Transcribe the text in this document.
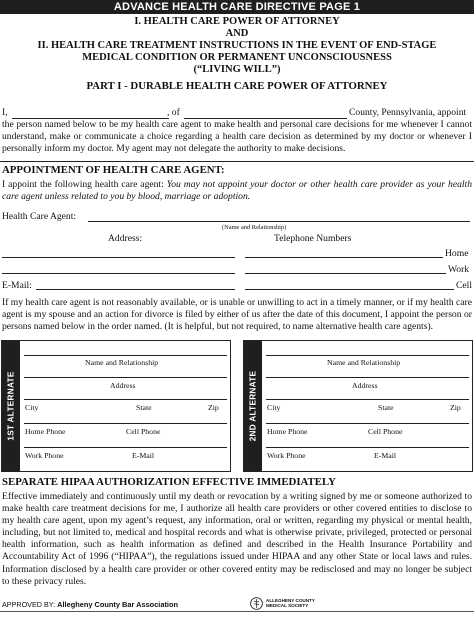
ADVANCE HEALTH CARE DIRECTIVE PAGE 1
I. HEALTH CARE POWER OF ATTORNEY
AND
II. HEALTH CARE TREATMENT INSTRUCTIONS IN THE EVENT OF END-STAGE
MEDICAL CONDITION OR PERMANENT UNCONSCIOUSNESS
(“LIVING WILL”)
PART I - DURABLE HEALTH CARE POWER OF ATTORNEY
I,	, of	County, Pennsylvania, appoint
the person named below to be my health care agent to make health and personal care decisions for me whenever I cannot understand, make or communicate a choice regarding a health care decision as determined by my doctor or whenever I personally inform my doctor. My agent may not delegate the authority to make decisions.
APPOINTMENT OF HEALTH CARE AGENT:
I appoint the following health care agent: You may not appoint your doctor or other health care provider as your health care agent unless related to you by blood, marriage or adoption.
Health Care Agent:
(Name and Relationship)
Address:	Telephone Numbers
Home
Work
E-Mail:	Cell
If my health care agent is not reasonably available, or is unable or unwilling to act in a timely manner, or if my health care agent is my spouse and an action for divorce is filed by either of us after the date of this document, I appoint the person or persons named below in the order named. (It is helpful, but not required, to name alternative health care agents).
1ST ALTERNATE
Name and Relationship
Address
City	State	Zip
Home Phone	Cell Phone
Work Phone	E-Mail
2ND ALTERNATE
Name and Relationship
Address
City	State	Zip
Home Phone	Cell Phone
Work Phone	E-Mail
SEPARATE HIPAA AUTHORIZATION EFFECTIVE IMMEDIATELY
Effective immediately and continuously until my death or revocation by a writing signed by me or someone authorized to make health care treatment decisions for me, I authorize all health care providers or other covered entities to disclose to my health care agent, upon my agent’s request, any information, oral or written, regarding my physical or mental health, including, but not limited to, medical and hospital records and what is otherwise private, privileged, protected or personal health information, such as health information as defined and described in the Health Insurance Portability and Accountability Act of 1996 (“HIPAA”), the regulations issued under HIPAA and any other State or local laws and rules. Information disclosed by a health care provider or other covered entity may be redisclosed and may no longer be subject to these privacy rules.
APPROVED BY: Allegheny County Bar Association	ALLEGHENY COUNTY
MEDICAL SOCIETY
